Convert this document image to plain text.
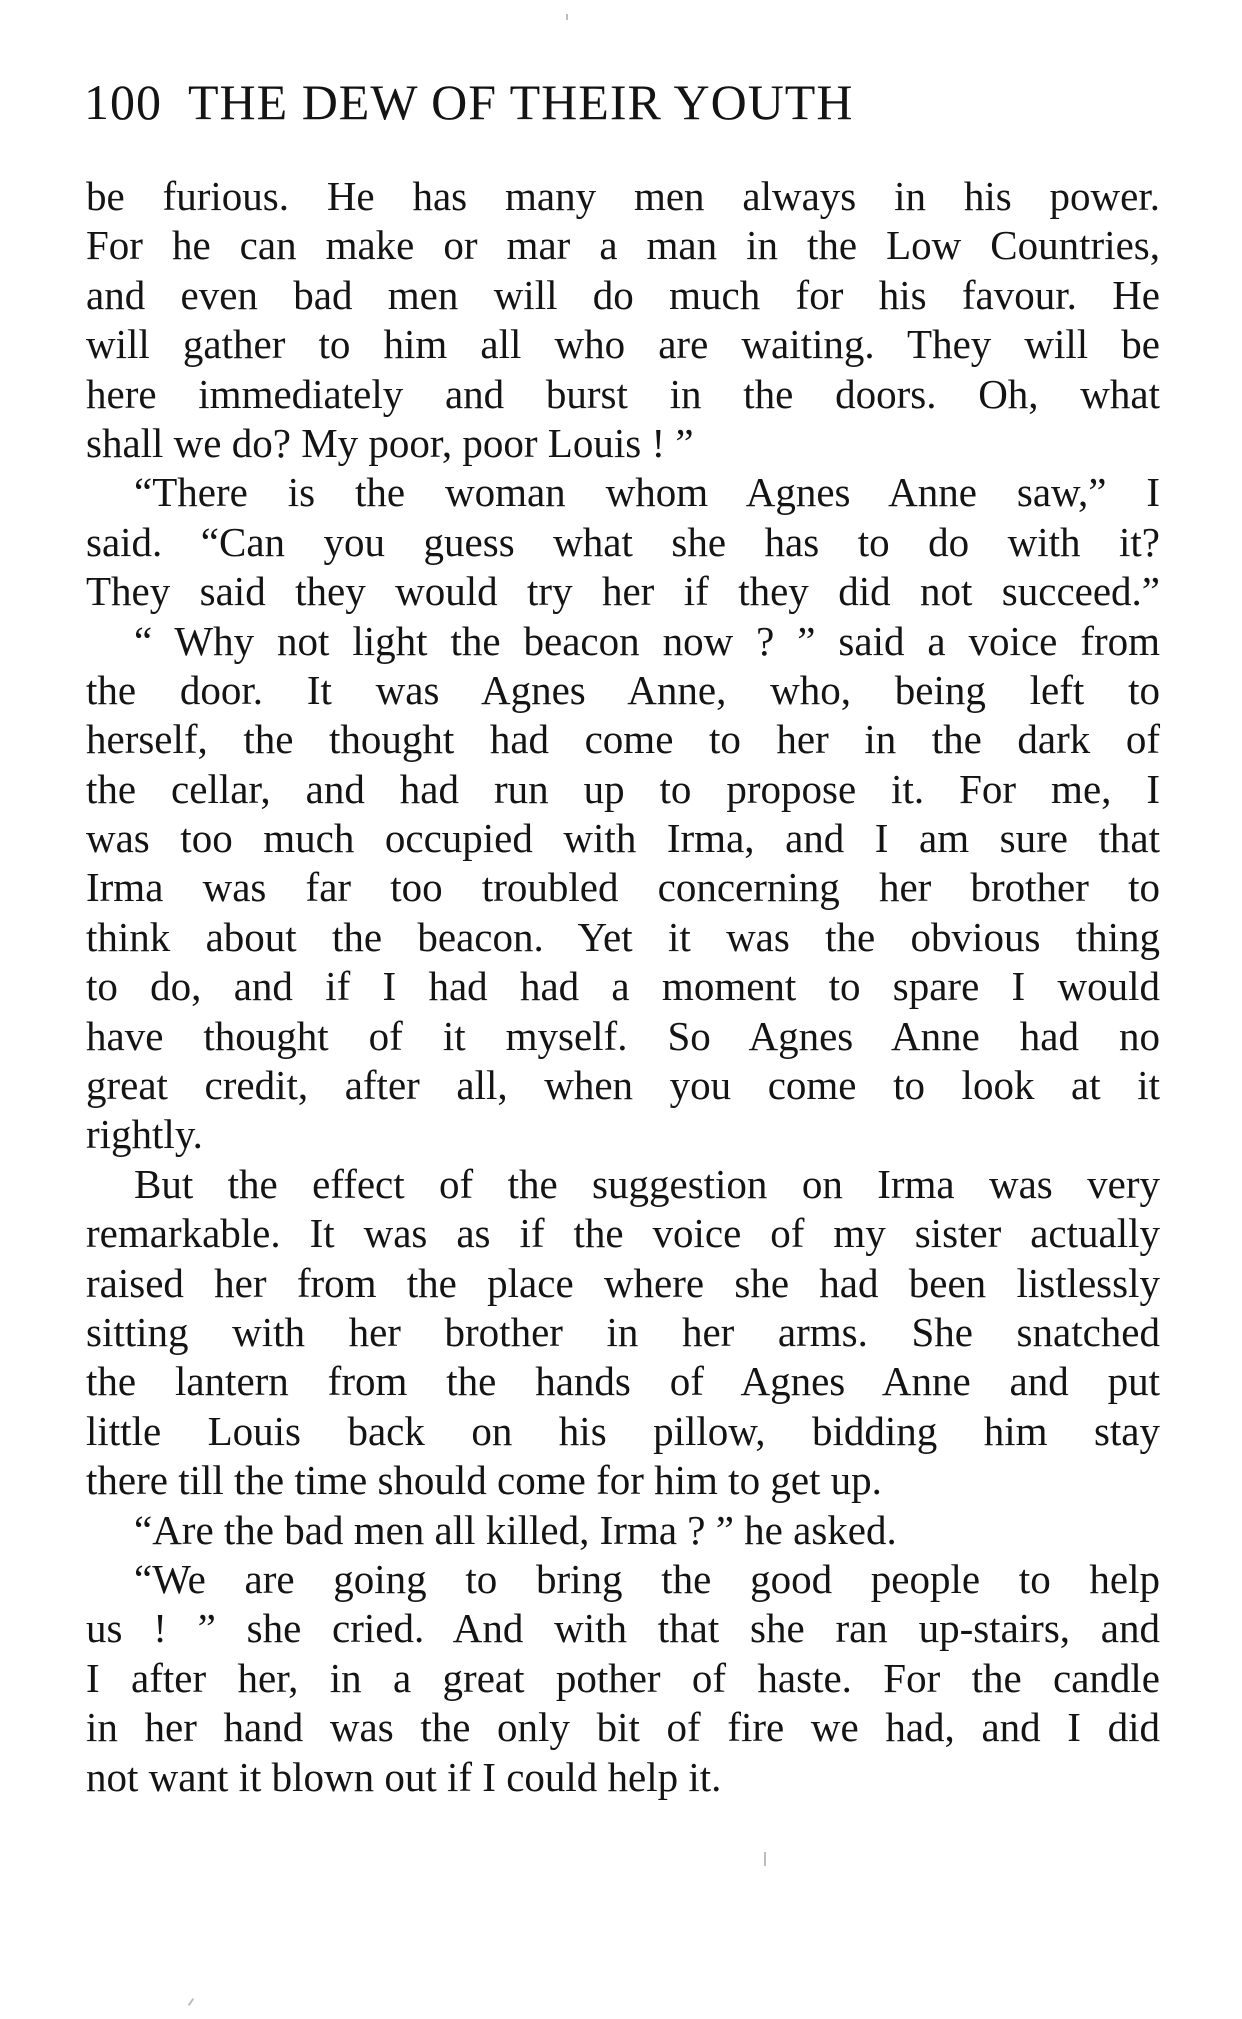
100 THE DEW OF THEIR YOUTH
be furious. He has many men always in his power.
For he can make or mar a man in the Low Countries,
and even bad men will do much for his favour. He
will gather to him all who are waiting. They will be
here immediately and burst in the doors. Oh, what
shall we do? My poor, poor Louis ! ”
“There is the woman whom Agnes Anne saw,” I
said. “Can you guess what she has to do with it?
They said they would try her if they did not succeed.”
“ Why not light the beacon now ? ” said a voice from
the door. It was Agnes Anne, who, being left to
herself, the thought had come to her in the dark of
the cellar, and had run up to propose it. For me, I
was too much occupied with Irma, and I am sure that
Irma was far too troubled concerning her brother to
think about the beacon. Yet it was the obvious thing
to do, and if I had had a moment to spare I would
have thought of it myself. So Agnes Anne had no
great credit, after all, when you come to look at it
rightly.
But the effect of the suggestion on Irma was very
remarkable. It was as if the voice of my sister actually
raised her from the place where she had been listlessly
sitting with her brother in her arms. She snatched
the lantern from the hands of Agnes Anne and put
little Louis back on his pillow, bidding him stay
there till the time should come for him to get up.
“Are the bad men all killed, Irma ? ” he asked.
“We are going to bring the good people to help
us ! ” she cried. And with that she ran up-stairs, and
I after her, in a great pother of haste. For the candle
in her hand was the only bit of fire we had, and I did
not want it blown out if I could help it.
